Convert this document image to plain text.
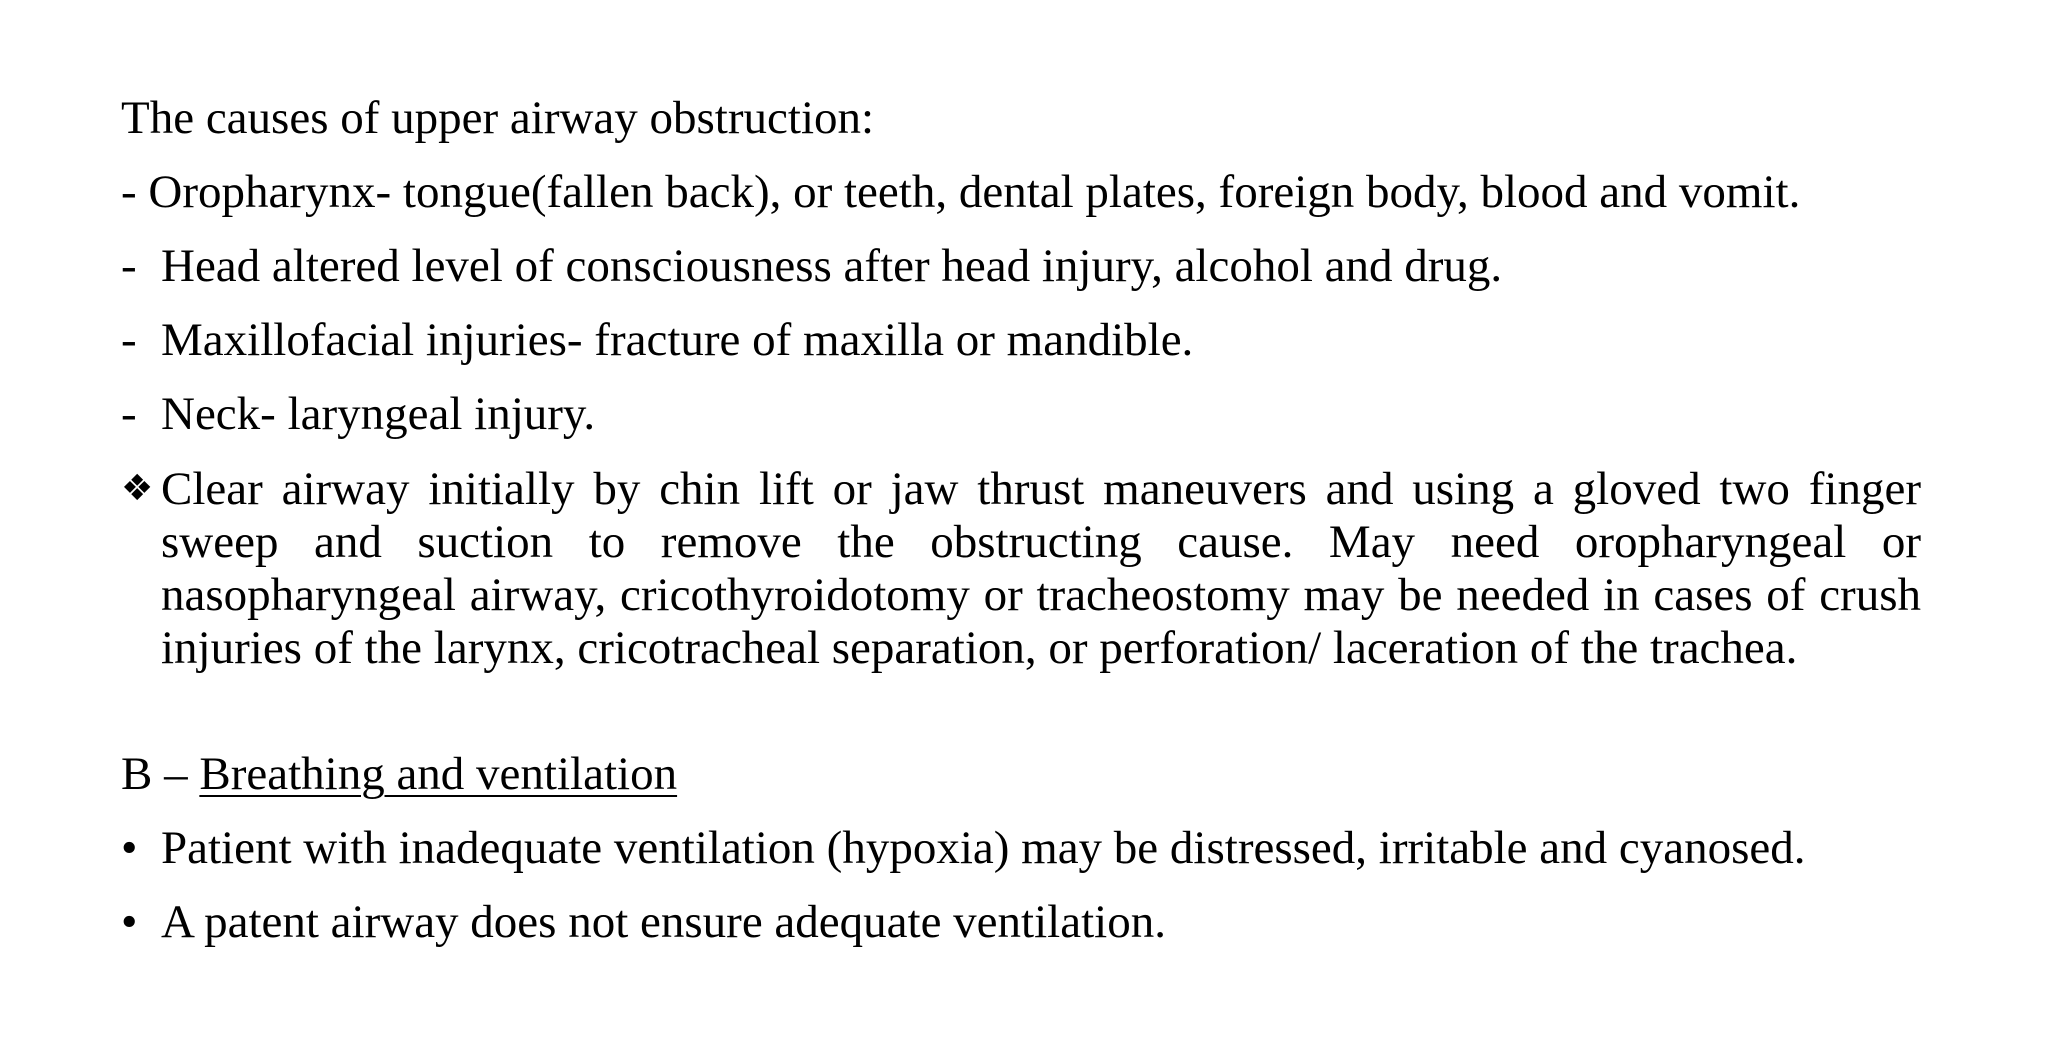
The causes of upper airway obstruction:
- Oropharynx- tongue(fallen back), or teeth, dental plates, foreign body, blood and vomit.
- Head altered level of consciousness after head injury, alcohol and drug.
- Maxillofacial injuries- fracture of maxilla or mandible.
- Neck- laryngeal injury.
❖ Clear airway initially by chin lift or jaw thrust maneuvers and using a gloved two finger sweep and suction to remove the obstructing cause. May need oropharyngeal or nasopharyngeal airway, cricothyroidotomy or tracheostomy may be needed in cases of crush injuries of the larynx, cricotracheal separation, or perforation/ laceration of the trachea.
B – Breathing and ventilation
• Patient with inadequate ventilation (hypoxia) may be distressed, irritable and cyanosed.
• A patent airway does not ensure adequate ventilation.
